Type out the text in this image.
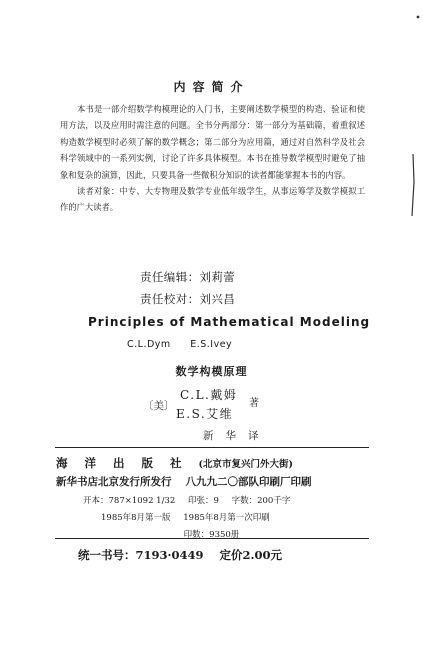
内容简介

本书是一部介绍数学构模理论的入门书，主要阐述数学模型的构造、验证和使用方法，以及应用时需注意的问题。全书分两部分：第一部分为基础篇，着重叙述构造数学模型时必须了解的数学概念；第二部分为应用篇，通过对自然科学及社会科学领域中的一系列实例，讨论了许多具体模型。本书在推导数学模型时避免了抽象和复杂的演算，因此，只要具备一些微积分知识的读者都能掌握本书的内容。

读者对象：中专、大专物理及数学专业低年级学生，从事运筹学及数学模拟工作的广大读者。

责任编辑：刘莉蕾
责任校对：刘兴昌
Principles of Mathematical Modeling
C.L.Dym E.S.Ivey
数学构模原理
〔美〕
C.L.戴姆
E.S.艾维
著
新华译
海洋出版社(北京市复兴门外大街)
新华书店北京发行所发行 八九九二〇部队印刷厂印刷
开本：787×1092 1/32 印张：9 字数：200千字
1985年8月第一版 1985年8月第一次印刷
印数：9350册
统一书号：7193·0449 定价2.00元
